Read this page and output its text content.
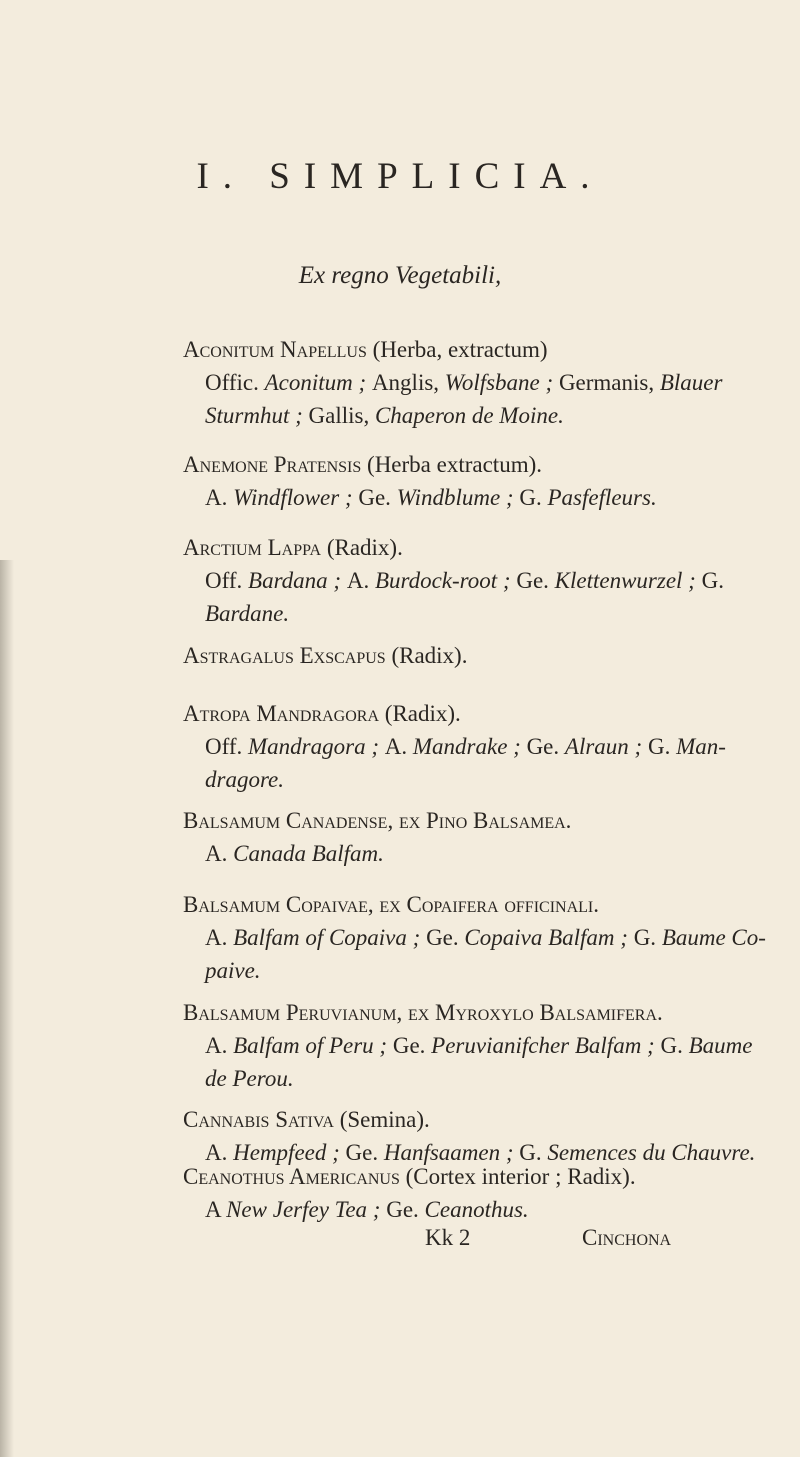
I. SIMPLICIA.
Ex regno Vegetabili,
Aconitum Napellus (Herba, extractum)
Offic. Aconitum ; Anglis, Wolfsbane ; Germanis, Blauer
Sturmhut ; Gallis, Chaperon de Moine.
Anemone Pratensis (Herba extractum).
A. Windflower ; Ge. Windblume ; G. Pasfefleurs.
Arctium Lappa (Radix).
Off. Bardana ; A. Burdock-root ; Ge. Klettenwurzel ; G.
Bardane.
Astragalus Exscapus (Radix).
Atropa Mandragora (Radix).
Off. Mandragora ; A. Mandrake ; Ge. Alraun ; G. Man-
dragore.
Balsamum Canadense, ex Pino Balsamea.
A. Canada Balfam.
Balsamum Copaivae, ex Copaifera officinali.
A. Balfam of Copaiva ; Ge. Copaiva Balfam ; G. Baume Co-
paive.
Balsamum Peruvianum, ex Myroxylo Balsamifera.
A. Balfam of Peru ; Ge. Peruvianifcher Balfam ; G. Baume
de Perou.
Cannabis Sativa (Semina).
A. Hempfeed ; Ge. Hanfsaamen ; G. Semences du Chauvre.
Ceanothus Americanus (Cortex interior ; Radix).
A New Jerfey Tea ; Ge. Ceanothus.
Kk 2	Cinchona
